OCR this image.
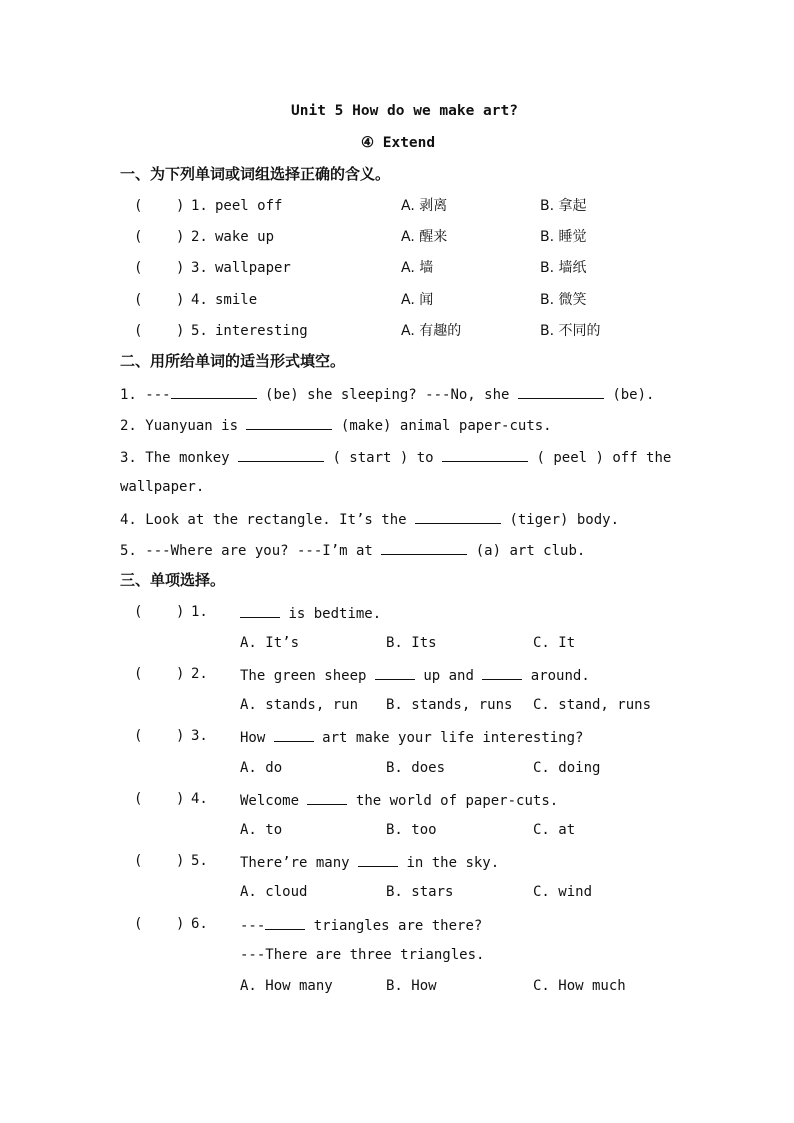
Unit 5 How do we make art?
④ Extend
一、为下列单词或词组选择正确的含义。
( ) 1. peel off	A. 剥离	B. 拿起
( ) 2. wake up	A. 醒来	B. 睡觉
( ) 3. wallpaper	A. 墙	B. 墙纸
( ) 4. smile	A. 闻	B. 微笑
( ) 5. interesting	A. 有趣的	B. 不同的
二、用所给单词的适当形式填空。
1. ---	(be) she sleeping? ---No, she	(be).
2. Yuanyuan is	(make) animal paper-cuts.
3. The monkey	( start ) to	( peel ) off the
wallpaper.
4. Look at the rectangle. It’s the	(tiger) body.
5. ---Where are you? ---I’m at	(a) art club.
三、单项选择。
( ) 1.	is bedtime.
A. It’s	B. Its	C. It
( ) 2. The green sheep	up and	around.
A. stands, run B. stands, runs C. stand, runs
( ) 3. How	art make your life interesting?
A. do	B. does	C. doing
( ) 4. Welcome	the world of paper-cuts.
A. to	B. too	C. at
( ) 5. There’re many	in the sky.
A. cloud	B. stars	C. wind
( ) 6. ---	triangles are there?
---There are three triangles.
A. How many	B. How	C. How much
